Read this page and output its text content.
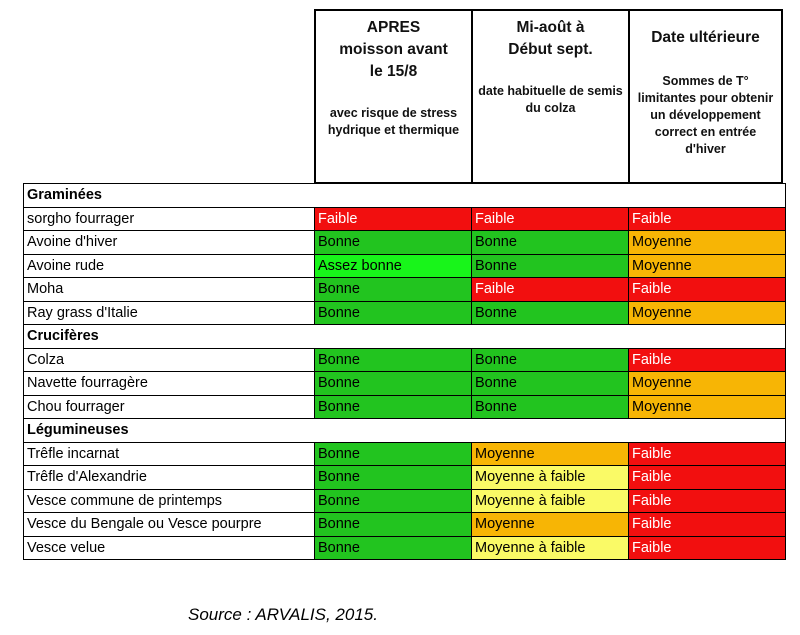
APRES moisson avant le 15/8
avec risque de stress hydrique et thermique
Mi-août à Début sept.
date habituelle de semis du colza
Date ultérieure
Sommes de T° limitantes pour obtenir un développement correct en entrée d'hiver
Graminées			
sorgho fourrager	Faible	Faible	Faible
Avoine d'hiver	Bonne	Bonne	Moyenne
Avoine rude	Assez bonne	Bonne	Moyenne
Moha	Bonne	Faible	Faible
Ray grass d'Italie	Bonne	Bonne	Moyenne
Crucifères			
Colza	Bonne	Bonne	Faible
Navette fourragère	Bonne	Bonne	Moyenne
Chou fourrager	Bonne	Bonne	Moyenne
Légumineuses			
Trêfle incarnat	Bonne	Moyenne	Faible
Trêfle d'Alexandrie	Bonne	Moyenne à faible	Faible
Vesce commune de printemps	Bonne	Moyenne à faible	Faible
Vesce du Bengale ou Vesce pourpre	Bonne	Moyenne	Faible
Vesce velue	Bonne	Moyenne à faible	Faible
Source : ARVALIS, 2015.
